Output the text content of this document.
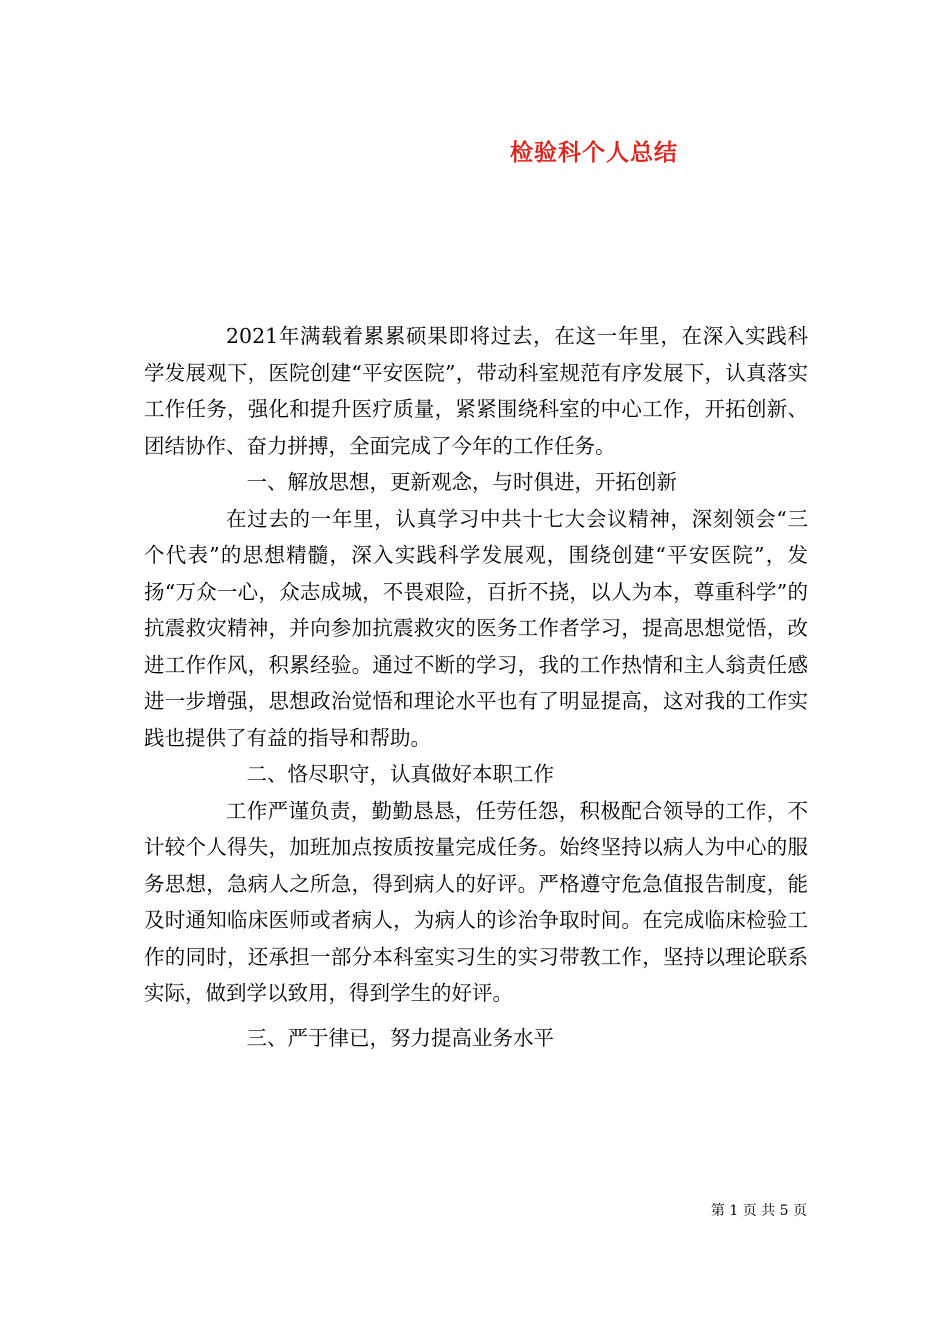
检验科个人总结

2021年满载着累累硕果即将过去，在这一年里，在深入实践科学发展观下，医院创建“平安医院”，带动科室规范有序发展下，认真落实工作任务，强化和提升医疗质量，紧紧围绕科室的中心工作，开拓创新、团结协作、奋力拼搏，全面完成了今年的工作任务。

一、解放思想，更新观念，与时俱进，开拓创新

在过去的一年里，认真学习中共十七大会议精神，深刻领会“三个代表”的思想精髓，深入实践科学发展观，围绕创建“平安医院”，发扬“万众一心，众志成城，不畏艰险，百折不挠，以人为本，尊重科学”的抗震救灾精神，并向参加抗震救灾的医务工作者学习，提高思想觉悟，改进工作作风，积累经验。通过不断的学习，我的工作热情和主人翁责任感进一步增强，思想政治觉悟和理论水平也有了明显提高，这对我的工作实践也提供了有益的指导和帮助。

二、恪尽职守，认真做好本职工作

工作严谨负责，勤勤恳恳，任劳任怨，积极配合领导的工作，不计较个人得失，加班加点按质按量完成任务。始终坚持以病人为中心的服务思想，急病人之所急，得到病人的好评。严格遵守危急值报告制度，能及时通知临床医师或者病人，为病人的诊治争取时间。在完成临床检验工作的同时，还承担一部分本科室实习生的实习带教工作，坚持以理论联系实际，做到学以致用，得到学生的好评。

三、严于律已，努力提高业务水平

第 1 页 共 5 页
